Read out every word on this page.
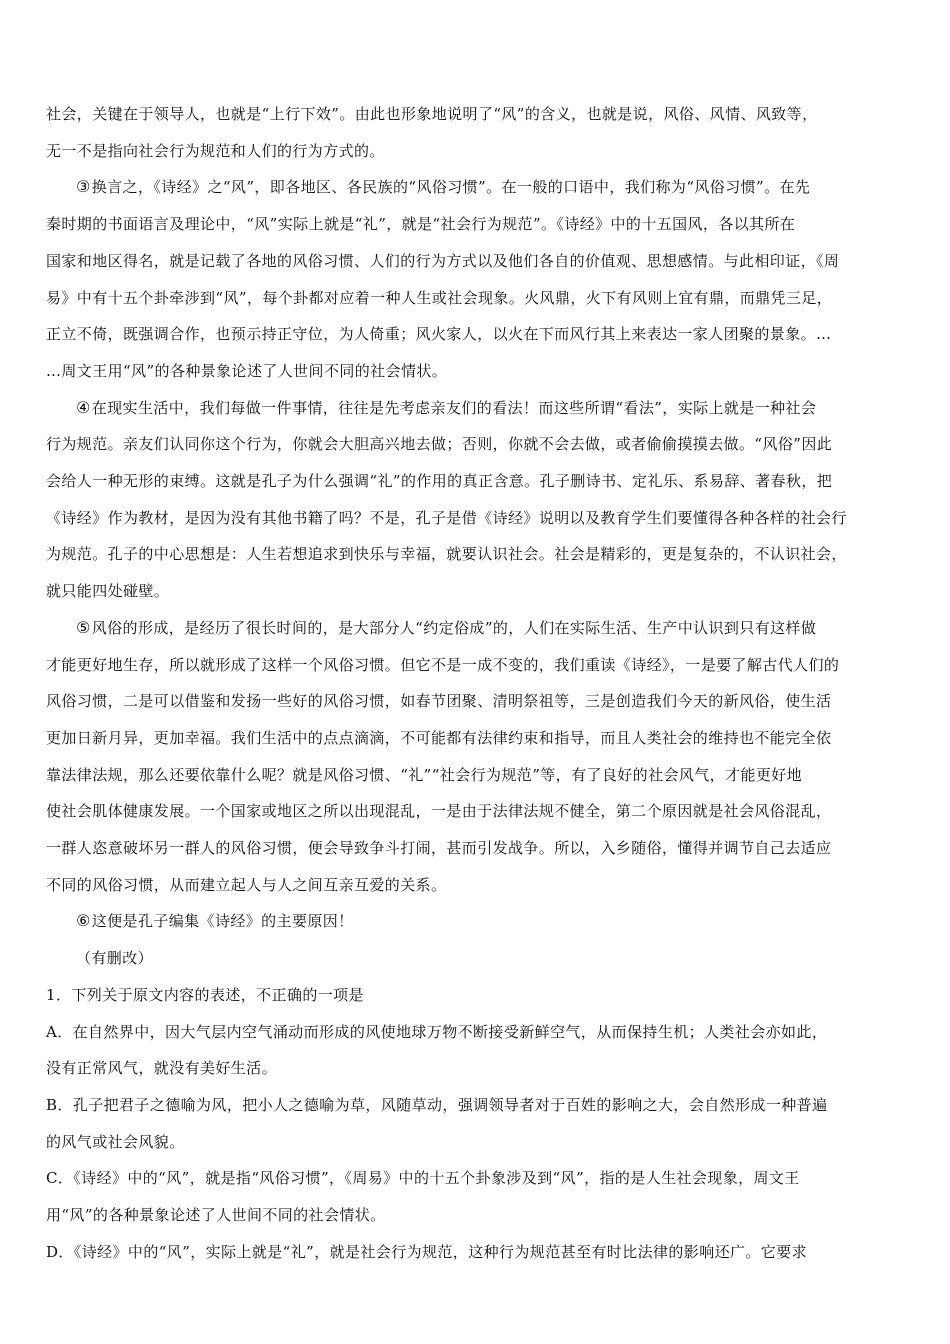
社会，关键在于领导人，也就是“上行下效”。由此也形象地说明了“风”的含义，也就是说，风俗、风情、风致等，
无一不是指向社会行为规范和人们的行为方式的。
③换言之，《诗经》之“风”，即各地区、各民族的“风俗习惯”。在一般的口语中，我们称为“风俗习惯”。在先
秦时期的书面语言及理论中，“风”实际上就是“礼”，就是“社会行为规范”。《诗经》中的十五国风，各以其所在
国家和地区得名，就是记载了各地的风俗习惯、人们的行为方式以及他们各自的价值观、思想感情。与此相印证，《周
易》中有十五个卦牵涉到“风”，每个卦都对应着一种人生或社会现象。火风鼎，火下有风则上宜有鼎，而鼎凭三足，
正立不倚，既强调合作，也预示持正守位，为人倚重；风火家人，以火在下而风行其上来表达一家人团聚的景象。…
…周文王用“风”的各种景象论述了人世间不同的社会情状。
④在现实生活中，我们每做一件事情，往往是先考虑亲友们的看法！而这些所谓“看法”，实际上就是一种社会
行为规范。亲友们认同你这个行为，你就会大胆高兴地去做；否则，你就不会去做，或者偷偷摸摸去做。“风俗”因此
会给人一种无形的束缚。这就是孔子为什么强调“礼”的作用的真正含意。孔子删诗书、定礼乐、系易辞、著春秋，把
《诗经》作为教材，是因为没有其他书籍了吗？不是，孔子是借《诗经》说明以及教育学生们要懂得各种各样的社会行
为规范。孔子的中心思想是：人生若想追求到快乐与幸福，就要认识社会。社会是精彩的，更是复杂的，不认识社会，
就只能四处碰壁。
⑤风俗的形成，是经历了很长时间的，是大部分人“约定俗成”的，人们在实际生活、生产中认识到只有这样做
才能更好地生存，所以就形成了这样一个风俗习惯。但它不是一成不变的，我们重读《诗经》，一是要了解古代人们的
风俗习惯，二是可以借鉴和发扬一些好的风俗习惯，如春节团聚、清明祭祖等，三是创造我们今天的新风俗，使生活
更加日新月异，更加幸福。我们生活中的点点滴滴，不可能都有法律约束和指导，而且人类社会的维持也不能完全依
靠法律法规，那么还要依靠什么呢？就是风俗习惯、“礼”“社会行为规范”等，有了良好的社会风气，才能更好地
使社会肌体健康发展。一个国家或地区之所以出现混乱，一是由于法律法规不健全，第二个原因就是社会风俗混乱，
一群人恣意破坏另一群人的风俗习惯，便会导致争斗打闹，甚而引发战争。所以，入乡随俗，懂得并调节自己去适应
不同的风俗习惯，从而建立起人与人之间互亲互爱的关系。
⑥这便是孔子编集《诗经》的主要原因！
（有删改）
1．下列关于原文内容的表述，不正确的一项是
A．在自然界中，因大气层内空气涌动而形成的风使地球万物不断接受新鲜空气，从而保持生机；人类社会亦如此，
没有正常风气，就没有美好生活。
B．孔子把君子之德喻为风，把小人之德喻为草，风随草动，强调领导者对于百姓的影响之大，会自然形成一种普遍
的风气或社会风貌。
C．《诗经》中的“风”，就是指“风俗习惯”，《周易》中的十五个卦象涉及到“风”，指的是人生社会现象，周文王
用“风”的各种景象论述了人世间不同的社会情状。
D．《诗经》中的“风”，实际上就是“礼”，就是社会行为规范，这种行为规范甚至有时比法律的影响还广。它要求
